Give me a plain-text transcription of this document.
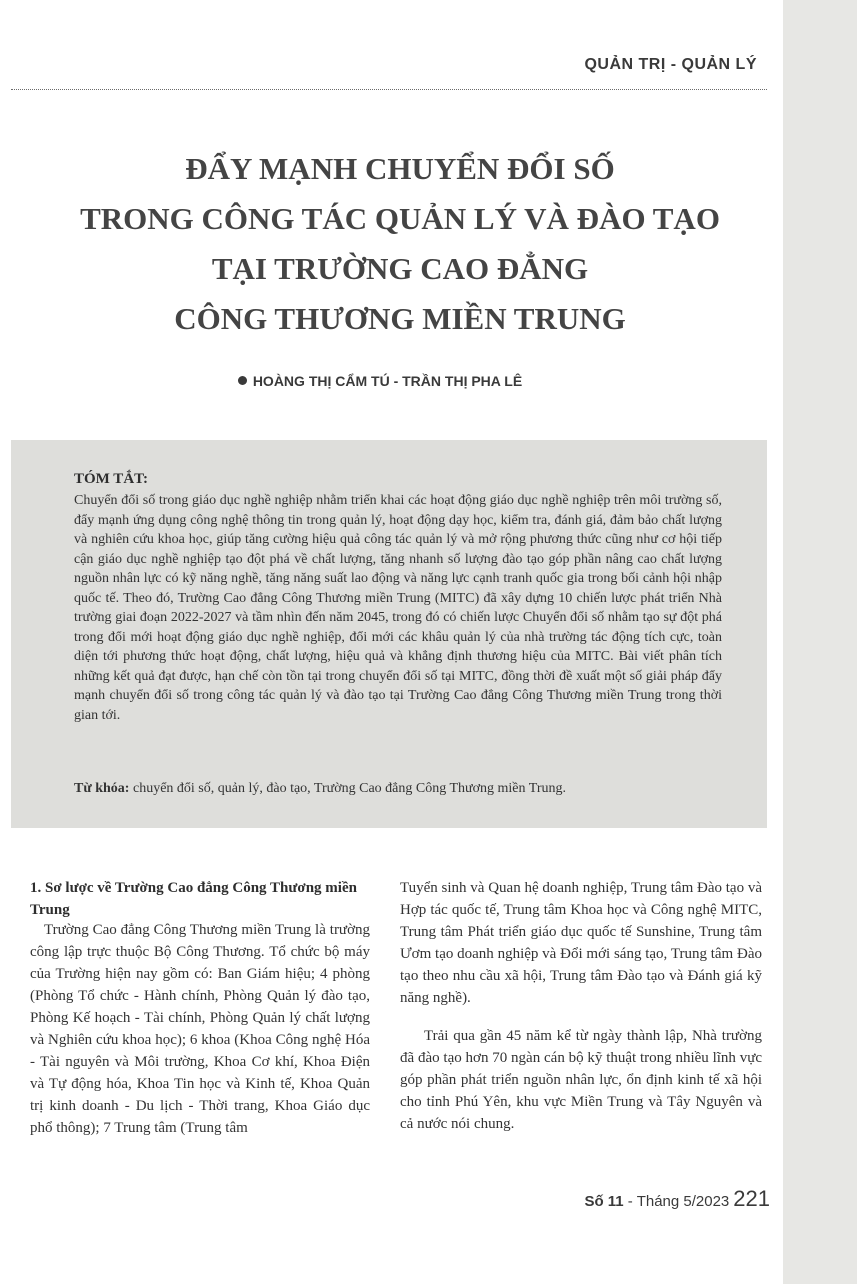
QUẢN TRỊ - QUẢN LÝ
ĐẨY MẠNH CHUYỂN ĐỔI SỐ
TRONG CÔNG TÁC QUẢN LÝ VÀ ĐÀO TẠO
TẠI TRƯỜNG CAO ĐẲNG
CÔNG THƯƠNG MIỀN TRUNG
HOÀNG THỊ CẨM TÚ - TRẦN THỊ PHA LÊ
TÓM TẮT:

Chuyển đổi số trong giáo dục nghề nghiệp nhằm triển khai các hoạt động giáo dục nghề nghiệp trên môi trường số, đẩy mạnh ứng dụng công nghệ thông tin trong quản lý, hoạt động dạy học, kiểm tra, đánh giá, đảm bảo chất lượng và nghiên cứu khoa học, giúp tăng cường hiệu quả công tác quản lý và mở rộng phương thức cũng như cơ hội tiếp cận giáo dục nghề nghiệp tạo đột phá về chất lượng, tăng nhanh số lượng đào tạo góp phần nâng cao chất lượng nguồn nhân lực có kỹ năng nghề, tăng năng suất lao động và năng lực cạnh tranh quốc gia trong bối cảnh hội nhập quốc tế. Theo đó, Trường Cao đẳng Công Thương miền Trung (MITC) đã xây dựng 10 chiến lược phát triển Nhà trường giai đoạn 2022-2027 và tầm nhìn đến năm 2045, trong đó có chiến lược Chuyển đổi số nhằm tạo sự đột phá trong đổi mới hoạt động giáo dục nghề nghiệp, đổi mới các khâu quản lý của nhà trường tác động tích cực, toàn diện tới phương thức hoạt động, chất lượng, hiệu quả và khẳng định thương hiệu của MITC. Bài viết phân tích những kết quả đạt được, hạn chế còn tồn tại trong chuyển đổi số tại MITC, đồng thời đề xuất một số giải pháp đẩy mạnh chuyển đổi số trong công tác quản lý và đào tạo tại Trường Cao đẳng Công Thương miền Trung trong thời gian tới.

Từ khóa: chuyển đổi số, quản lý, đào tạo, Trường Cao đẳng Công Thương miền Trung.
1. Sơ lược về Trường Cao đẳng Công Thương miền Trung

Trường Cao đẳng Công Thương miền Trung là trường công lập trực thuộc Bộ Công Thương. Tổ chức bộ máy của Trường hiện nay gồm có: Ban Giám hiệu; 4 phòng (Phòng Tổ chức - Hành chính, Phòng Quản lý đào tạo, Phòng Kế hoạch - Tài chính, Phòng Quản lý chất lượng và Nghiên cứu khoa học); 6 khoa (Khoa Công nghệ Hóa - Tài nguyên và Môi trường, Khoa Cơ khí, Khoa Điện và Tự động hóa, Khoa Tin học và Kinh tế, Khoa Quản trị kinh doanh - Du lịch - Thời trang, Khoa Giáo dục phổ thông); 7 Trung tâm (Trung tâm

Tuyển sinh và Quan hệ doanh nghiệp, Trung tâm Đào tạo và Hợp tác quốc tế, Trung tâm Khoa học và Công nghệ MITC, Trung tâm Phát triển giáo dục quốc tế Sunshine, Trung tâm Ươm tạo doanh nghiệp và Đổi mới sáng tạo, Trung tâm Đào tạo theo nhu cầu xã hội, Trung tâm Đào tạo và Đánh giá kỹ năng nghề).

Trải qua gần 45 năm kể từ ngày thành lập, Nhà trường đã đào tạo hơn 70 ngàn cán bộ kỹ thuật trong nhiều lĩnh vực góp phần phát triển nguồn nhân lực, ổn định kinh tế xã hội cho tỉnh Phú Yên, khu vực Miền Trung và Tây Nguyên và cả nước nói chung.

Số 11 - Tháng 5/2023 221
